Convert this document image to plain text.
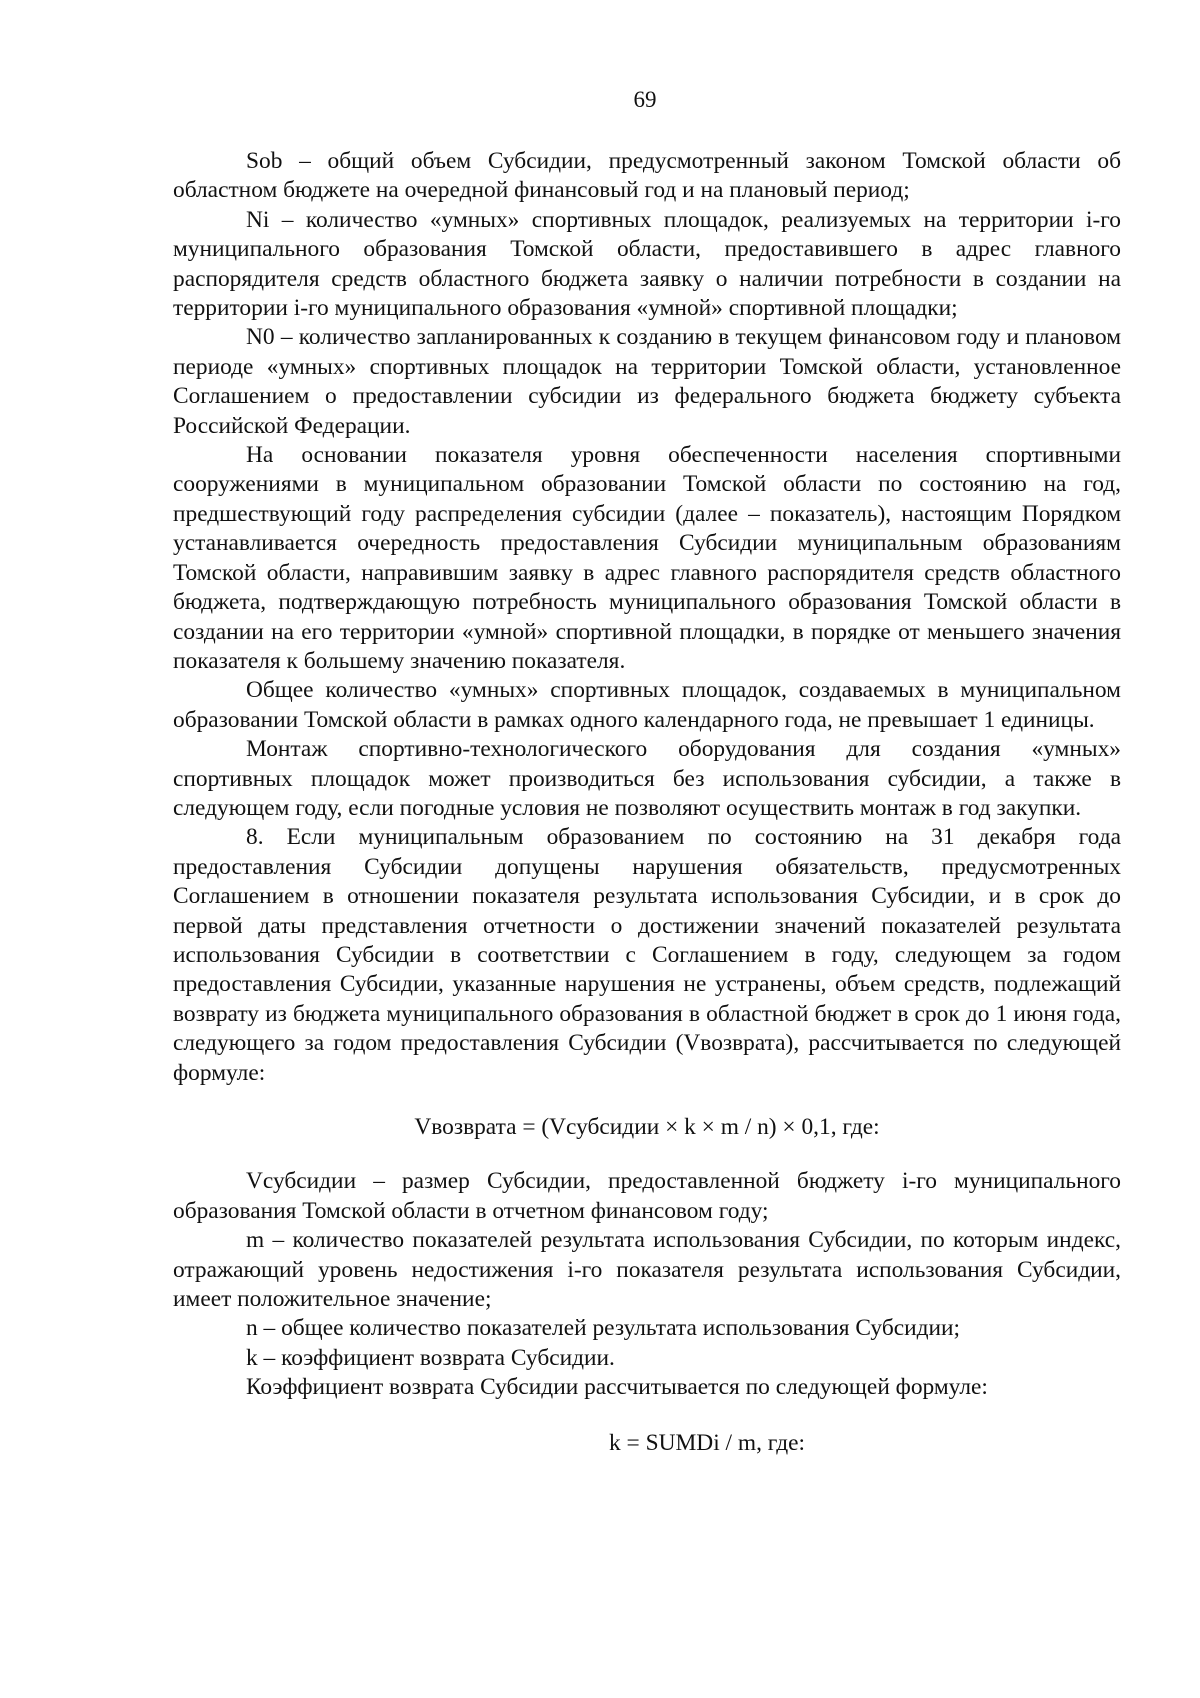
69

Sob – общий объем Субсидии, предусмотренный законом Томской области об областном бюджете на очередной финансовый год и на плановый период;

Ni – количество «умных» спортивных площадок, реализуемых на территории i-го муниципального образования Томской области, предоставившего в адрес главного распорядителя средств областного бюджета заявку о наличии потребности в создании на территории i-го муниципального образования «умной» спортивной площадки;

N0 – количество запланированных к созданию в текущем финансовом году и плановом периоде «умных» спортивных площадок на территории Томской области, установленное Соглашением о предоставлении субсидии из федерального бюджета бюджету субъекта Российской Федерации.

На основании показателя уровня обеспеченности населения спортивными сооружениями в муниципальном образовании Томской области по состоянию на год, предшествующий году распределения субсидии (далее – показатель), настоящим Порядком устанавливается очередность предоставления Субсидии муниципальным образованиям Томской области, направившим заявку в адрес главного распорядителя средств областного бюджета, подтверждающую потребность муниципального образования Томской области в создании на его территории «умной» спортивной площадки, в порядке от меньшего значения показателя к большему значению показателя.

Общее количество «умных» спортивных площадок, создаваемых в муниципальном образовании Томской области в рамках одного календарного года, не превышает 1 единицы.

Монтаж спортивно-технологического оборудования для создания «умных» спортивных площадок может производиться без использования субсидии, а также в следующем году, если погодные условия не позволяют осуществить монтаж в год закупки.

8. Если муниципальным образованием по состоянию на 31 декабря года предоставления Субсидии допущены нарушения обязательств, предусмотренных Соглашением в отношении показателя результата использования Субсидии, и в срок до первой даты представления отчетности о достижении значений показателей результата использования Субсидии в соответствии с Соглашением в году, следующем за годом предоставления Субсидии, указанные нарушения не устранены, объем средств, подлежащий возврату из бюджета муниципального образования в областной бюджет в срок до 1 июня года, следующего за годом предоставления Субсидии (Vвозврата), рассчитывается по следующей формуле:

Vвозврата = (Vсубсидии × k × m / n) × 0,1, где:

Vсубсидии – размер Субсидии, предоставленной бюджету i-го муниципального образования Томской области в отчетном финансовом году;

m – количество показателей результата использования Субсидии, по которым индекс, отражающий уровень недостижения i-го показателя результата использования Субсидии, имеет положительное значение;

n – общее количество показателей результата использования Субсидии;

k – коэффициент возврата Субсидии.

Коэффициент возврата Субсидии рассчитывается по следующей формуле:

k = SUMDi / m, где:
